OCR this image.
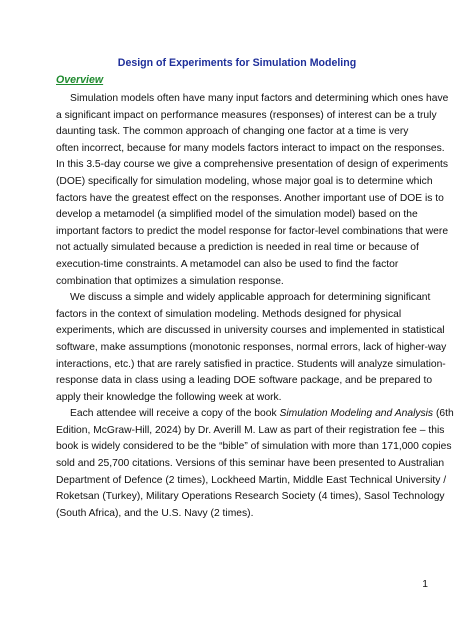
Design of Experiments for Simulation Modeling
Overview

Simulation models often have many input factors and determining which ones have
a significant impact on performance measures (responses) of interest can be a truly
daunting task. The common approach of changing one factor at a time is very
often incorrect, because for many models factors interact to impact on the responses.
In this 3.5-day course we give a comprehensive presentation of design of experiments
(DOE) specifically for simulation modeling, whose major goal is to determine which
factors have the greatest effect on the responses. Another important use of DOE is to
develop a metamodel (a simplified model of the simulation model) based on the
important factors to predict the model response for factor-level combinations that were
not actually simulated because a prediction is needed in real time or because of
execution-time constraints. A metamodel can also be used to find the factor
combination that optimizes a simulation response.

We discuss a simple and widely applicable approach for determining significant
factors in the context of simulation modeling. Methods designed for physical
experiments, which are discussed in university courses and implemented in statistical
software, make assumptions (monotonic responses, normal errors, lack of higher-way
interactions, etc.) that are rarely satisfied in practice. Students will analyze simulation-
response data in class using a leading DOE software package, and be prepared to
apply their knowledge the following week at work.

Each attendee will receive a copy of the book Simulation Modeling and Analysis (6th
Edition, McGraw-Hill, 2024) by Dr. Averill M. Law as part of their registration fee – this
book is widely considered to be the “bible” of simulation with more than 171,000 copies
sold and 25,700 citations. Versions of this seminar have been presented to Australian
Department of Defence (2 times), Lockheed Martin, Middle East Technical University /
Roketsan (Turkey), Military Operations Research Society (4 times), Sasol Technology
(South Africa), and the U.S. Navy (2 times).

1
